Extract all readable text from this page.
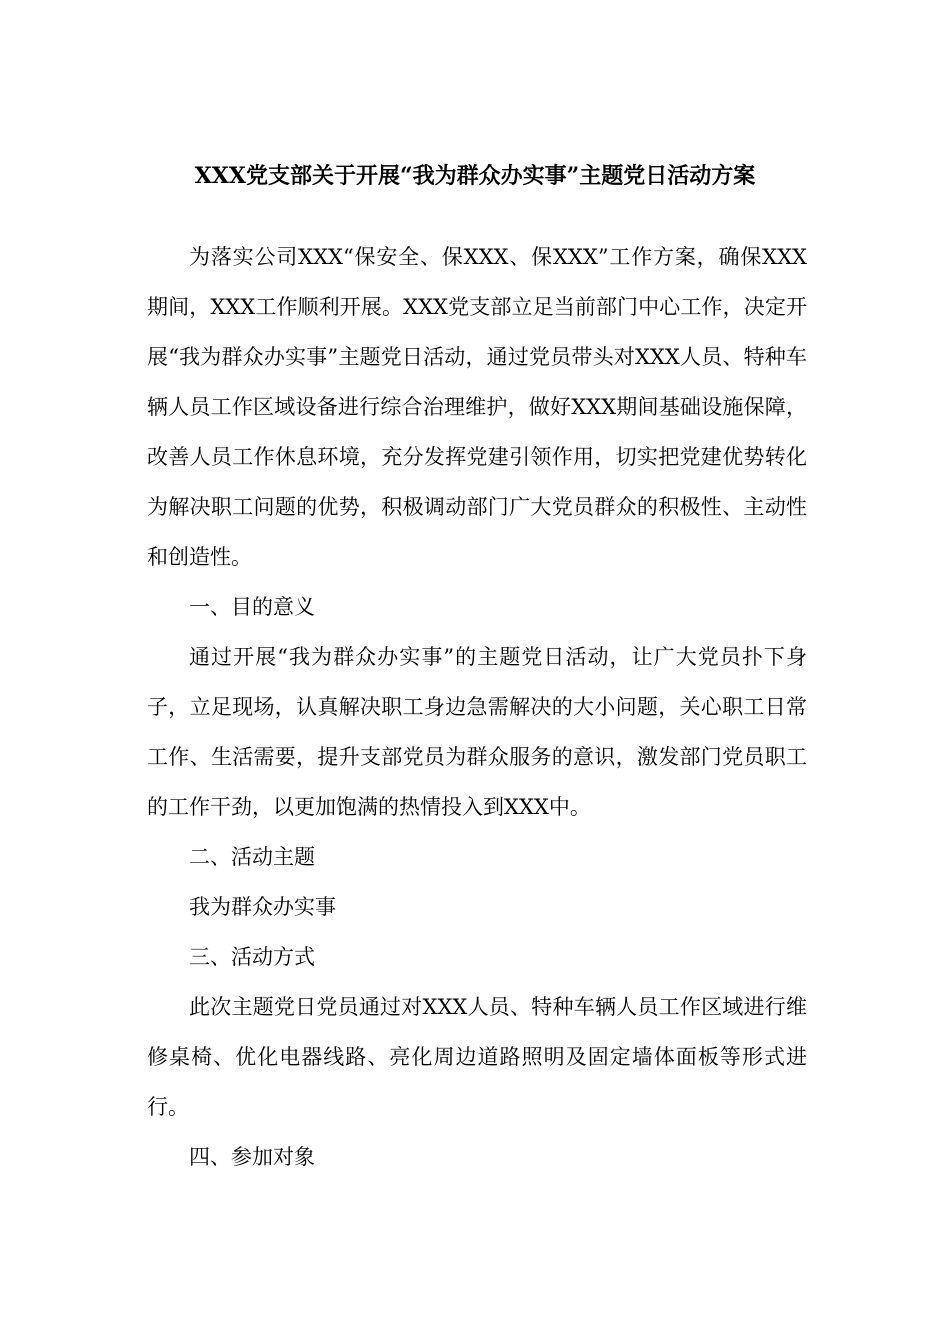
XXX党支部关于开展“我为群众办实事”主题党日活动方案

为落实公司XXX“保安全、保XXX、保XXX”工作方案，确保XXX期间，XXX工作顺利开展。XXX党支部立足当前部门中心工作，决定开展“我为群众办实事”主题党日活动，通过党员带头对XXX人员、特种车辆人员工作区域设备进行综合治理维护，做好XXX期间基础设施保障，改善人员工作休息环境，充分发挥党建引领作用，切实把党建优势转化为解决职工问题的优势，积极调动部门广大党员群众的积极性、主动性和创造性。

一、目的意义

通过开展“我为群众办实事”的主题党日活动，让广大党员扑下身子，立足现场，认真解决职工身边急需解决的大小问题，关心职工日常工作、生活需要，提升支部党员为群众服务的意识，激发部门党员职工的工作干劲，以更加饱满的热情投入到XXX中。

二、活动主题

我为群众办实事

三、活动方式

此次主题党日党员通过对XXX人员、特种车辆人员工作区域进行维修桌椅、优化电器线路、亮化周边道路照明及固定墙体面板等形式进行。

四、参加对象
